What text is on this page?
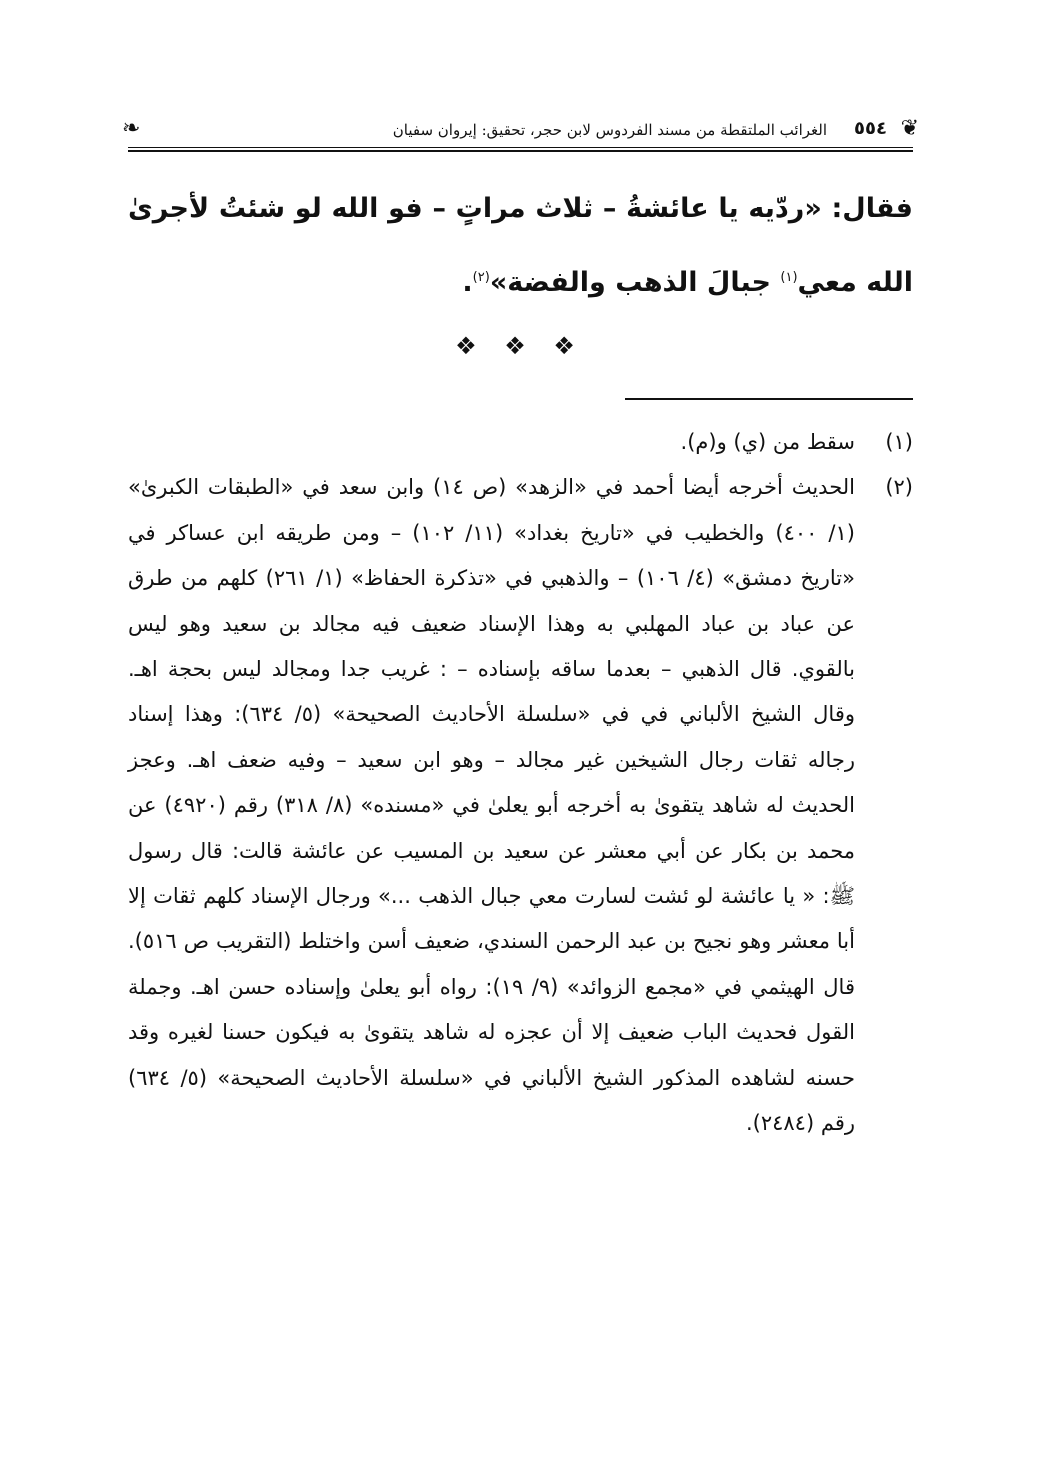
❦
٥٥٤
الغرائب الملتقطة من مسند الفردوس لابن حجر، تحقيق: إيروان سفيان
❧

فقال: «ردّيه يا عائشةُ – ثلاث مراتٍ – فو الله لو شئتُ لأجرىٰ الله معي$^{(١)}$ جبالَ الذهب والفضة»$^{(٢)}$.

❖ ❖ ❖
(١)
سقط من (ي) و(م).
(٢)
الحديث أخرجه أيضا أحمد في «الزهد» (ص ١٤) وابن سعد في «الطبقات الكبرىٰ» (١/ ٤٠٠) والخطيب في «تاريخ بغداد» (١١/ ١٠٢) – ومن طريقه ابن عساكر في «تاريخ دمشق» (٤/ ١٠٦) – والذهبي في «تذكرة الحفاظ» (١/ ٢٦١) كلهم من طرق عن عباد بن عباد المهلبي به وهذا الإسناد ضعيف فيه مجالد بن سعيد وهو ليس بالقوي. قال الذهبي – بعدما ساقه بإسناده – : غريب جدا ومجالد ليس بحجة اهـ. وقال الشيخ الألباني في في «سلسلة الأحاديث الصحيحة» (٥/ ٦٣٤): وهذا إسناد رجاله ثقات رجال الشيخين غير مجالد – وهو ابن سعيد – وفيه ضعف اهـ. وعجز الحديث له شاهد يتقوىٰ به أخرجه أبو يعلىٰ في «مسنده» (٨/ ٣١٨) رقم (٤٩٢٠) عن محمد بن بكار عن أبي معشر عن سعيد بن المسيب عن عائشة قالت: قال رسول ﷺ: « يا عائشة لو ئشت لسارت معي جبال الذهب ...» ورجال الإسناد كلهم ثقات إلا أبا معشر وهو نجيح بن عبد الرحمن السندي، ضعيف أسن واختلط (التقريب ص ٥١٦). قال الهيثمي في «مجمع الزوائد» (٩/ ١٩): رواه أبو يعلىٰ وإسناده حسن اهـ. وجملة القول فحديث الباب ضعيف إلا أن عجزه له شاهد يتقوىٰ به فيكون حسنا لغيره وقد حسنه لشاهده المذكور الشيخ الألباني في «سلسلة الأحاديث الصحيحة» (٥/ ٦٣٤) رقم (٢٤٨٤).
